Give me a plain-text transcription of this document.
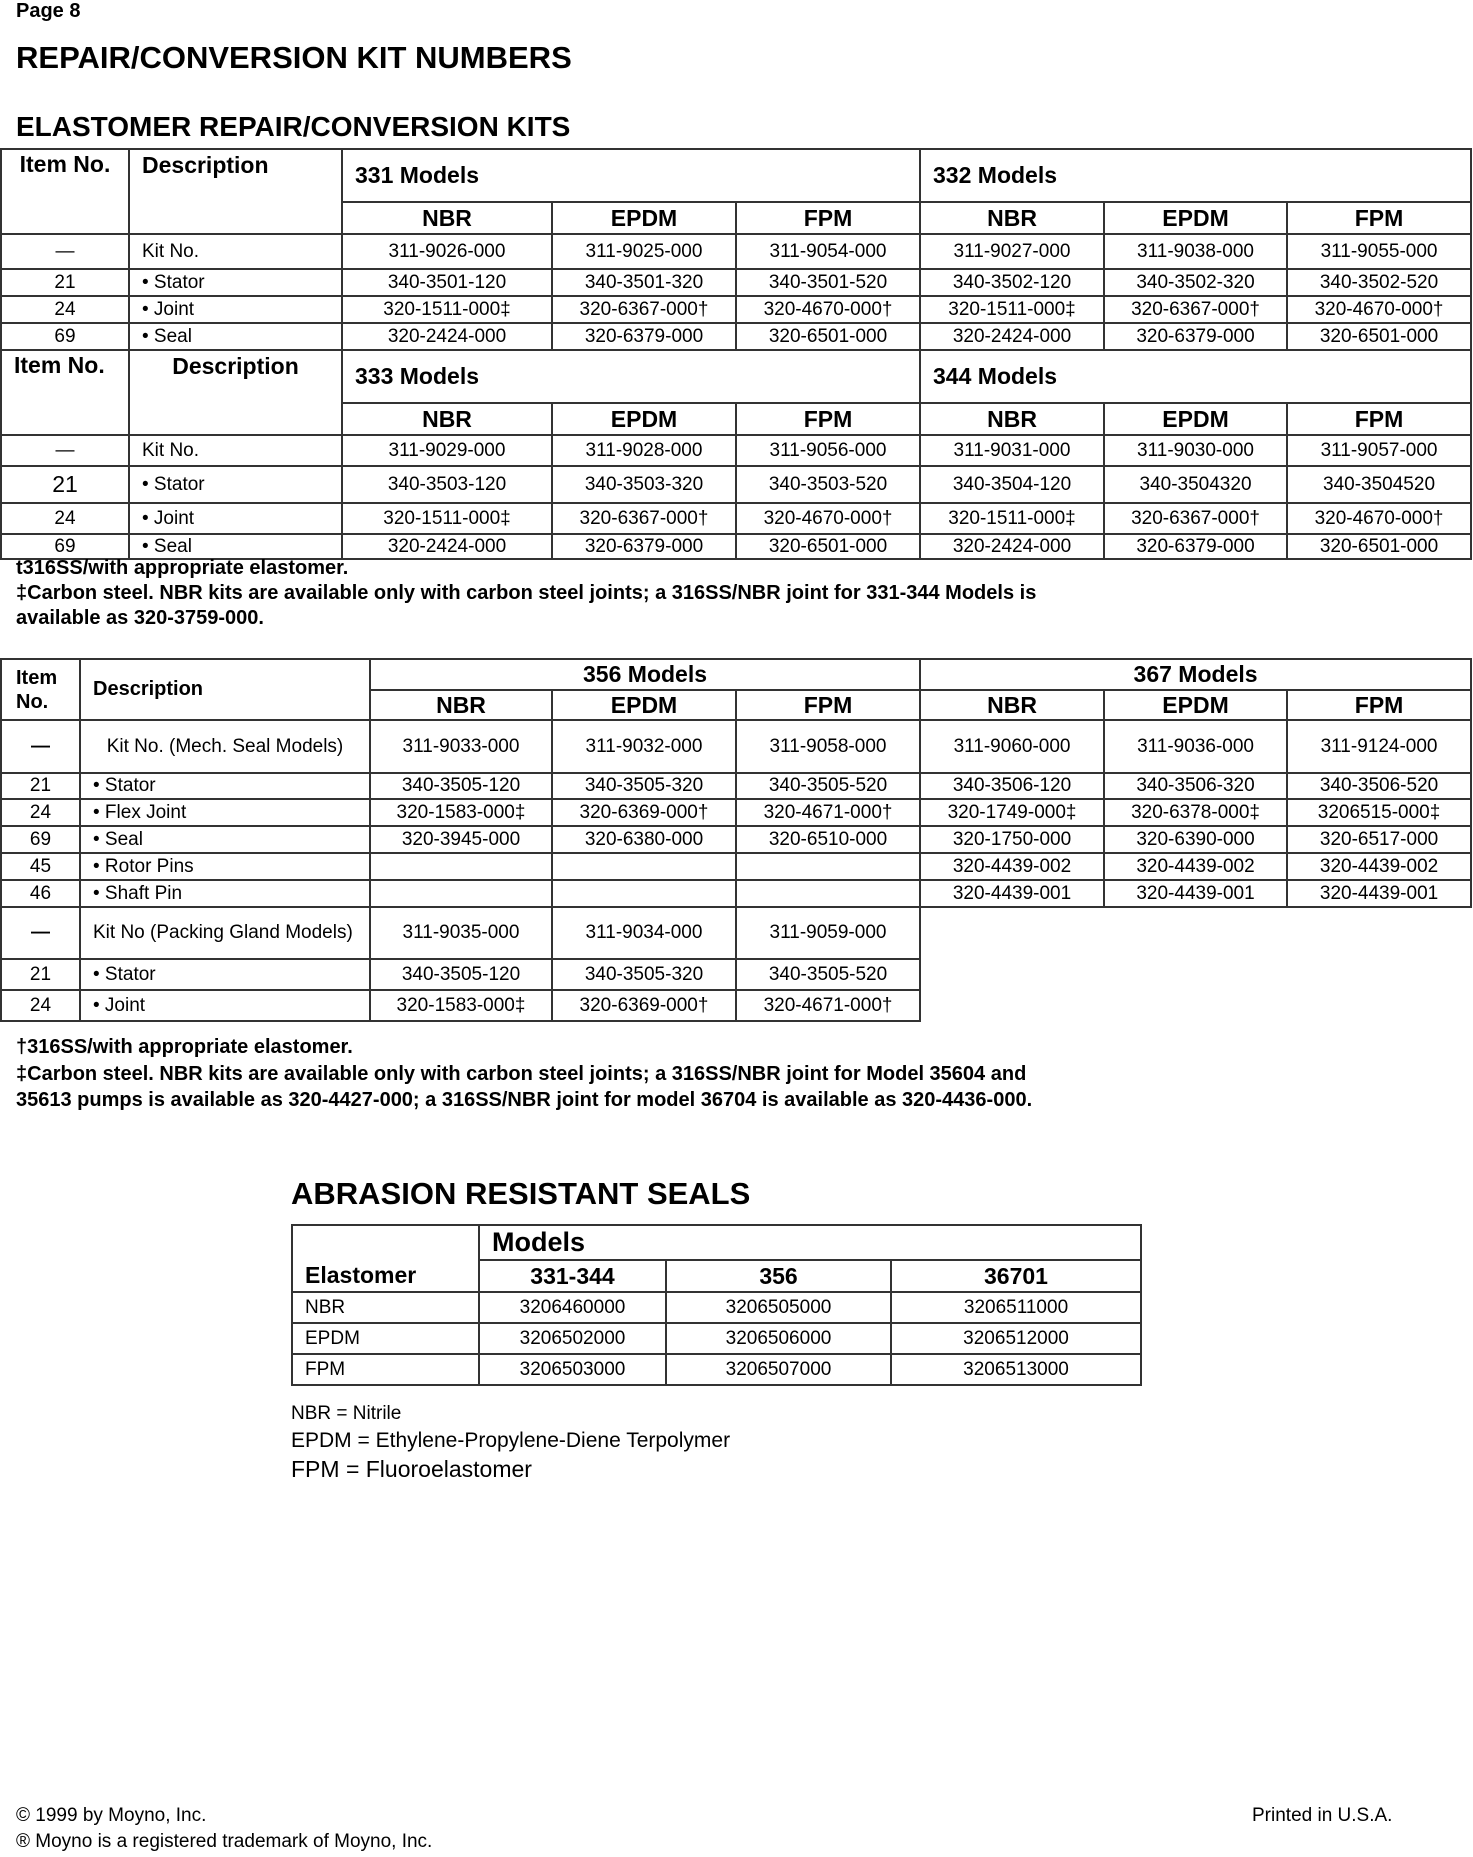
Page 8
REPAIR/CONVERSION KIT NUMBERS
ELASTOMER REPAIR/CONVERSION KITS
Item No.	Description	331 Models			332 Models		
		NBR	EPDM	FPM	NBR	EPDM	FPM
—	Kit No.	311-9026-000	311-9025-000	311-9054-000	311-9027-000	311-9038-000	311-9055-000
21	• Stator	340-3501-120	340-3501-320	340-3501-520	340-3502-120	340-3502-320	340-3502-520
24	• Joint	320-1511-000‡	320-6367-000†	320-4670-000†	320-1511-000‡	320-6367-000†	320-4670-000†
69	• Seal	320-2424-000	320-6379-000	320-6501-000	320-2424-000	320-6379-000	320-6501-000
Item No.	Description	333 Models			344 Models		
		NBR	EPDM	FPM	NBR	EPDM	FPM
—	Kit No.	311-9029-000	311-9028-000	311-9056-000	311-9031-000	311-9030-000	311-9057-000
21	• Stator	340-3503-120	340-3503-320	340-3503-520	340-3504-120	340-3504320	340-3504520
24	• Joint	320-1511-000‡	320-6367-000†	320-4670-000†	320-1511-000‡	320-6367-000†	320-4670-000†
69	• Seal	320-2424-000	320-6379-000	320-6501-000	320-2424-000	320-6379-000	320-6501-000
t316SS/with appropriate elastomer.
‡Carbon steel. NBR kits are available only with carbon steel joints; a 316SS/NBR joint for 331-344 Models is
available as 320-3759-000.
Item No.	Description	356 Models			367 Models		
		NBR	EPDM	FPM	NBR	EPDM	FPM
—	Kit No. (Mech. Seal Models)	311-9033-000	311-9032-000	311-9058-000	311-9060-000	311-9036-000	311-9124-000
21	• Stator	340-3505-120	340-3505-320	340-3505-520	340-3506-120	340-3506-320	340-3506-520
24	• Flex Joint	320-1583-000‡	320-6369-000†	320-4671-000†	320-1749-000‡	320-6378-000‡	3206515-000‡
69	• Seal	320-3945-000	320-6380-000	320-6510-000	320-1750-000	320-6390-000	320-6517-000
45	• Rotor Pins				320-4439-002	320-4439-002	320-4439-002
46	• Shaft Pin				320-4439-001	320-4439-001	320-4439-001
—	Kit No (Packing Gland Models)	311-9035-000	311-9034-000	311-9059-000			
21	• Stator	340-3505-120	340-3505-320	340-3505-520			
24	• Joint	320-1583-000‡	320-6369-000†	320-4671-000†			
†316SS/with appropriate elastomer.
‡Carbon steel. NBR kits are available only with carbon steel joints; a 316SS/NBR joint for Model 35604 and
35613 pumps is available as 320-4427-000; a 316SS/NBR joint for model 36704 is available as 320-4436-000.
ABRASION RESISTANT SEALS
Elastomer	Models		
	331-344	356	36701
NBR	3206460000	3206505000	3206511000
EPDM	3206502000	3206506000	3206512000
FPM	3206503000	3206507000	3206513000
NBR = Nitrile
EPDM = Ethylene-Propylene-Diene Terpolymer
FPM = Fluoroelastomer
© 1999 by Moyno, Inc.
® Moyno is a registered trademark of Moyno, Inc.
Printed in U.S.A.
